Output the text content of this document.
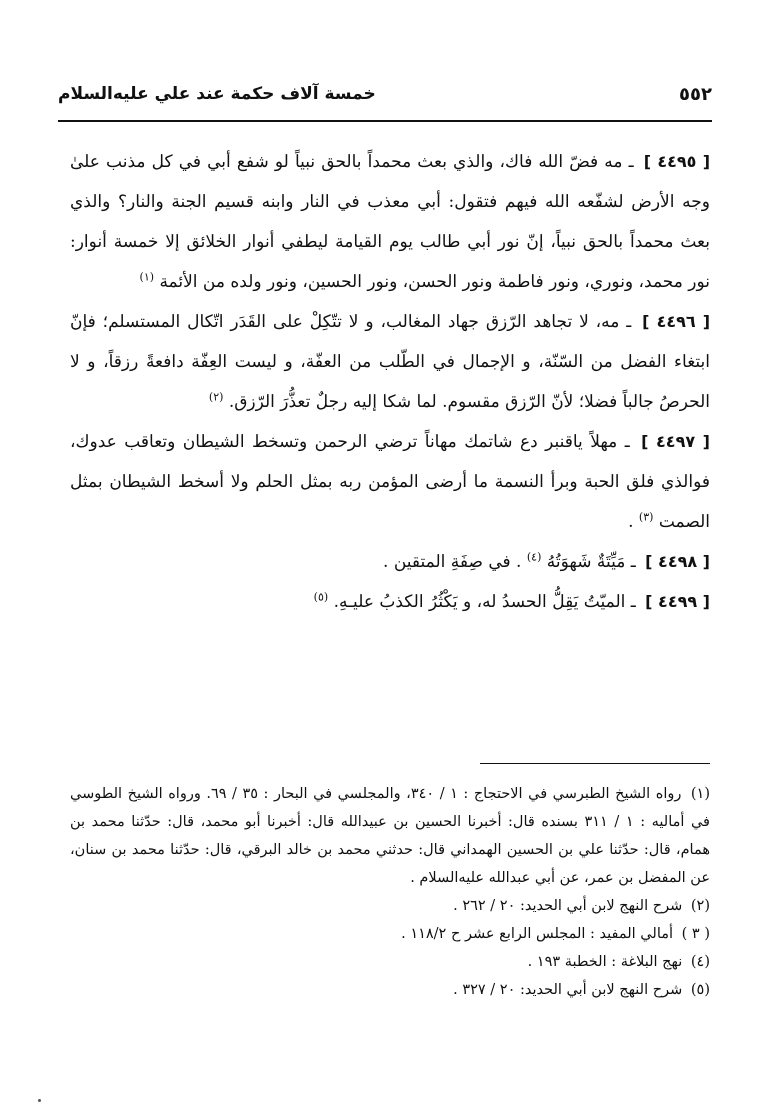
خمسة آلاف حكمة عند علي عليه‌السلام	٥٥٢

[ ٤٤٩٥ ] ـ مه فضّ الله فاك، والذي بعث محمداً بالحق نبياً لو شفع أبي في كل مذنب علىٰ وجه الأرض لشفّعه الله فيهم فتقول: أبي معذب في النار وابنه قسيم الجنة والنار؟ والذي بعث محمداً بالحق نبياً، إنّ نور أبي طالب يوم القيامة ليطفي أنوار الخلائق إلا خمسة أنوار: نور محمد، ونوري، ونور فاطمة ونور الحسن، ونور الحسين، ونور ولده من الأئمة $^{(١)}$

[ ٤٤٩٦ ] ـ مه، لا تجاهد الرّزق جهاد المغالب، و لا تتّكِلْ على القَدَر اتّكال المستسلم؛ فإنّ ابتغاء الفضل من السّنّة، و الإجمال في الطّلب من العفّة، و ليست العِفّة دافعةً رزقاً، و لا الحرصُ جالباً فضلا؛ لأنّ الرّزق مقسوم. لما شكا إليه رجلٌ تعذُّرَ الرّزق. $^{(٢)}$

[ ٤٤٩٧ ] ـ مهلاً ياقنبر دع شاتمك مهاناً ترضي الرحمن وتسخط الشيطان وتعاقب عدوك، فوالذي فلق الحبة وبرأ النسمة ما أرضى المؤمن ربه بمثل الحلم ولا أسخط الشيطان بمثل الصمت $^{(٣)}$ .

[ ٤٤٩٨ ] ـ مَيِّتَةٌ شَهوَتُهُ $^{(٤)}$ . في صِفَةِ المتقين .

[ ٤٤٩٩ ] ـ الميّتُ يَقِلُّ الحسدُ له، و يَكْثُرُ الكذبُ عليـهِ. $^{(٥)}$

(١) رواه الشيخ الطبرسي في الاحتجاج : ١ / ٣٤٠، والمجلسي في البحار : ٣٥ / ٦٩. ورواه الشيخ الطوسي في أماليه : ١ / ٣١١ بسنده قال: أخبرنا الحسين بن عبيدالله قال: أخبرنا أبو محمد، قال: حدّثنا محمد بن همام، قال: حدّثنا علي بن الحسين الهمداني قال: حدثني محمد بن خالد البرقي، قال: حدّثنا محمد بن سنان، عن المفضل بن عمر، عن أبي عبدالله عليه‌السلام .

(٢) شرح النهج لابن أبي الحديد: ٢٠ / ٢٦٢ .

( ٣ ) أمالي المفيد : المجلس الرابع عشر ح ١١٨/٢ .

(٤) نهج البلاغة : الخطبة ١٩٣ .

(٥) شرح النهج لابن أبي الحديد: ٢٠ / ٣٢٧ .
